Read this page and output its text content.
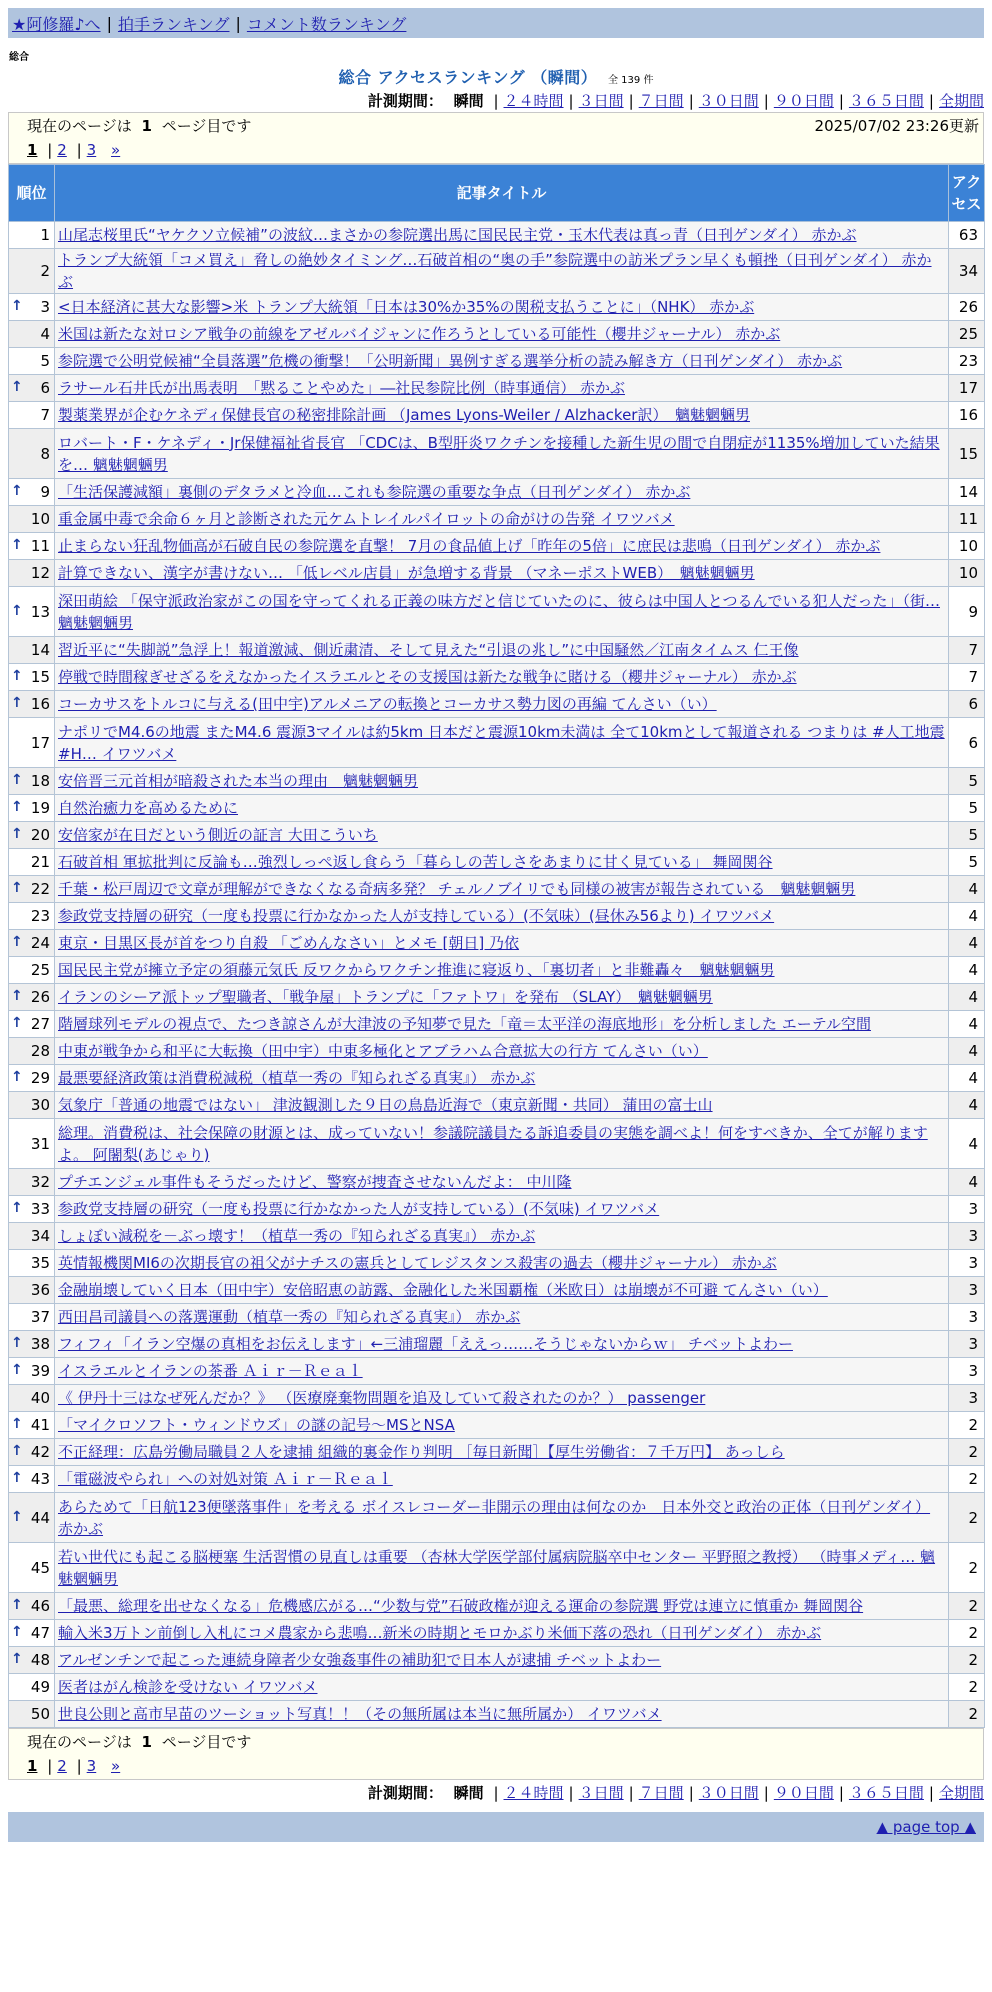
★阿修羅♪へ | 拍手ランキング | コメント数ランキング
総合
総合 アクセスランキング （瞬間） 全 139 件
計測期間： 瞬間 | ２４時間 | ３日間 | ７日間 | ３０日間 | ９０日間 | ３６５日間 | 全期間
現在のページは 1 ページ目です	2025/07/02 23:26更新
1 | 2 | 3 »
順位	記事タイトル	アクセス
1	山尾志桜里氏“ヤケクソ立候補”の波紋…まさかの参院選出馬に国民民主党・玉木代表は真っ青（日刊ゲンダイ） 赤かぶ	63
2	トランプ大統領「コメ買え」脅しの絶妙タイミング…石破首相の“奥の手”参院選中の訪米プラン早くも頓挫（日刊ゲンダイ） 赤かぶ	34

↑ 3	<日本経済に甚大な影響>米 トランプ大統領「日本は30%か35%の関税支払うことに」（NHK） 赤かぶ	26
4	米国は新たな対ロシア戦争の前線をアゼルバイジャンに作ろうとしている可能性（櫻井ジャーナル） 赤かぶ	25
5	参院選で公明党候補“全員落選”危機の衝撃！「公明新聞」異例すぎる選挙分析の読み解き方（日刊ゲンダイ） 赤かぶ	23

↑ 6	ラサール石井氏が出馬表明　「黙ることやめた」―社民参院比例（時事通信） 赤かぶ	17
7	製薬業界が企むケネディ保健長官の秘密排除計画 （James Lyons-Weiler / Alzhacker訳）　魑魅魍魎男	16
8	ロバート・F・ケネディ・Jr保健福祉省長官 「CDCは、B型肝炎ワクチンを接種した新生児の間で自閉症が1135%増加していた結果を… 魑魅魍魎男	15

↑ 9	「生活保護減額」裏側のデタラメと冷血…これも参院選の重要な争点（日刊ゲンダイ） 赤かぶ	14
10	重金属中毒で余命６ヶ月と診断された元ケムトレイルパイロットの命がけの告発 イワツバメ	11

↑ 11	止まらない狂乱物価高が石破自民の参院選を直撃！ 7月の食品値上げ「昨年の5倍」に庶民は悲鳴（日刊ゲンダイ） 赤かぶ	10
12	計算できない、漢字が書けない… 「低レベル店員」が急増する背景 （マネーポストWEB）　魑魅魍魎男	10

↑ 13	深田萌絵 「保守派政治家がこの国を守ってくれる正義の味方だと信じていたのに、彼らは中国人とつるんでいる犯人だった」（街… 魑魅魍魎男	9
14	習近平に“失脚説”急浮上！報道激減、側近粛清、そして見えた“引退の兆し”に中国騒然／江南タイムス 仁王像	7

↑ 15	停戦で時間稼ぎせざるをえなかったイスラエルとその支援国は新たな戦争に賭ける（櫻井ジャーナル） 赤かぶ	7

↑ 16	コーカサスをトルコに与える(田中宇)アルメニアの転換とコーカサス勢力図の再編 てんさい（い）	6
17	ナポリでM4.6の地震 またM4.6 震源3マイルは約5km 日本だと震源10km未満は 全て10kmとして報道される つまりは #人工地震 #H… イワツバメ	6

↑ 18	安倍晋三元首相が暗殺された本当の理由　魑魅魍魎男	5

↑ 19	自然治癒力を高めるために	5

↑ 20	安倍家が在日だという側近の証言 大田こういち	5
21	石破首相 軍拡批判に反論も…強烈しっぺ返し食らう「暮らしの苦しさをあまりに甘く見ている」 舞岡関谷	5

↑ 22	千葉・松戸周辺で文章が理解ができなくなる奇病多発？ チェルノブイリでも同様の被害が報告されている　魑魅魍魎男	4
23	参政党支持層の研究（一度も投票に行かなかった人が支持している）(不気味）(昼休み56より) イワツバメ	4

↑ 24	東京・目黒区長が首をつり自殺 「ごめんなさい」とメモ [朝日] 乃依	4
25	国民民主党が擁立予定の須藤元気氏 反ワクからワクチン推進に寝返り、「裏切者」と非難轟々　魑魅魍魎男	4

↑ 26	イランのシーア派トップ聖職者、「戦争屋」トランプに「ファトワ」を発布 （SLAY）　魑魅魍魎男	4

↑ 27	階層球列モデルの視点で、たつき諒さんが大津波の予知夢で見た「竜＝太平洋の海底地形」を分析しました エーテル空間	4
28	中東が戦争から和平に大転換（田中宇）中東多極化とアブラハム合意拡大の行方 てんさい（い）	4

↑ 29	最悪要経済政策は消費税減税（植草一秀の『知られざる真実』） 赤かぶ	4
30	気象庁「普通の地震ではない」 津波観測した９日の鳥島近海で（東京新聞・共同） 蒲田の富士山	4
31	総理。消費税は、社会保障の財源とは、成っていない！参議院議員たる訴追委員の実態を調べよ！何をすべきか、全てが解りますよ。 阿闍梨(あじゃり)	4
32	プチエンジェル事件もそうだったけど、警察が捜査させないんだよ： 中川隆	4

↑ 33	参政党支持層の研究（一度も投票に行かなかった人が支持している）(不気味) イワツバメ	3
34	しょぼい減税を－ぶっ壊す！（植草一秀の『知られざる真実』） 赤かぶ	3
35	英情報機関MI6の次期長官の祖父がナチスの憲兵としてレジスタンス殺害の過去（櫻井ジャーナル） 赤かぶ	3
36	金融崩壊していく日本（田中宇）安倍昭恵の訪露、金融化した米国覇権（米欧日）は崩壊が不可避 てんさい（い）	3
37	西田昌司議員への落選運動（植草一秀の『知られざる真実』） 赤かぶ	3

↑ 38	フィフィ「イラン空爆の真相をお伝えします」←三浦瑠麗「ええっ……そうじゃないからｗ」 チベットよわー	3

↑ 39	イスラエルとイランの茶番 Ａｉｒ－Ｒｅａｌ	3
40	《 伊丹十三はなぜ死んだか？》 （医療廃棄物問題を追及していて殺されたのか？） passenger	3

↑ 41	「マイクロソフト・ウィンドウズ」の謎の記号～MSとNSA	2

↑ 42	不正経理：広島労働局職員２人を逮捕 組織的裏金作り判明 ［毎日新聞］【厚生労働省：７千万円】 あっしら	2

↑ 43	「電磁波やられ」への対処対策 Ａｉｒ－Ｒｅａｌ	2

↑ 44	あらためて「日航123便墜落事件」を考える ボイスレコーダー非開示の理由は何なのか　日本外交と政治の正体（日刊ゲンダイ） 赤かぶ	2
45	若い世代にも起こる脳梗塞 生活習慣の見直しは重要 （杏林大学医学部付属病院脳卒中センター 平野照之教授） （時事メディ… 魑魅魍魎男	2

↑ 46	「最悪、総理を出せなくなる」危機感広がる…“少数与党”石破政権が迎える運命の参院選 野党は連立に慎重か 舞岡関谷	2

↑ 47	輸入米3万トン前倒し入札にコメ農家から悲鳴…新米の時期とモロかぶり米価下落の恐れ（日刊ゲンダイ） 赤かぶ	2

↑ 48	アルゼンチンで起こった連続身障者少女強姦事件の補助犯で日本人が逮捕 チベットよわー	2
49	医者はがん検診を受けない イワツバメ	2
50	世良公則と高市早苗のツーショット写真！！（その無所属は本当に無所属か） イワツバメ	2
現在のページは 1 ページ目です
1 | 2 | 3 »
計測期間： 瞬間 | ２４時間 | ３日間 | ７日間 | ３０日間 | ９０日間 | ３６５日間 | 全期間
▲ page top ▲
